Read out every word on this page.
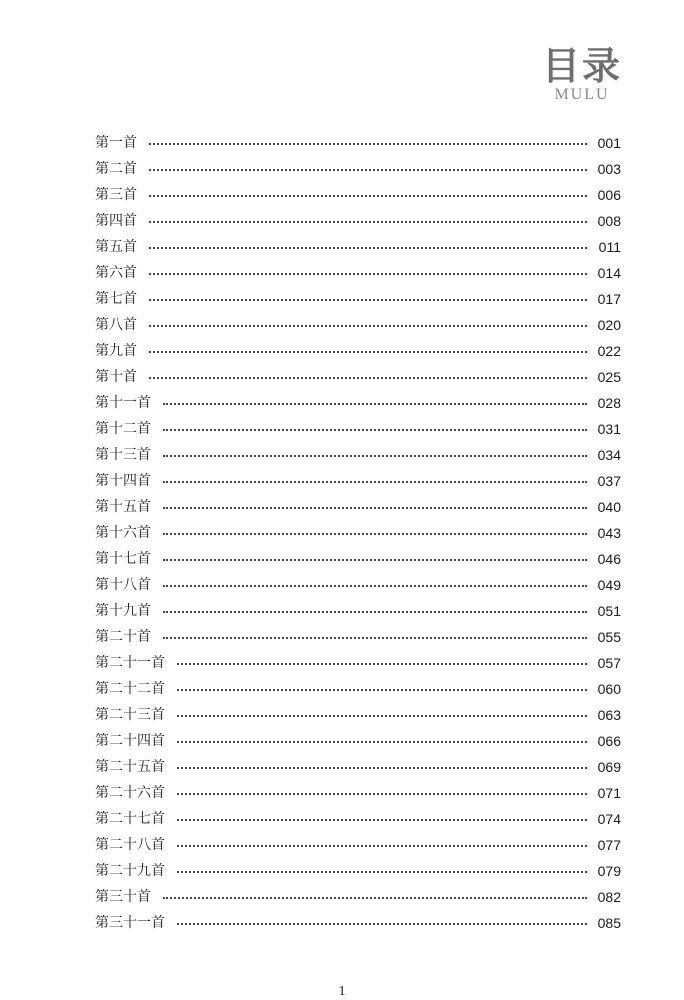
目录
MULU
第一首	001
第二首	003
第三首	006
第四首	008
第五首	011
第六首	014
第七首	017
第八首	020
第九首	022
第十首	025
第十一首	028
第十二首	031
第十三首	034
第十四首	037
第十五首	040
第十六首	043
第十七首	046
第十八首	049
第十九首	051
第二十首	055
第二十一首	057
第二十二首	060
第二十三首	063
第二十四首	066
第二十五首	069
第二十六首	071
第二十七首	074
第二十八首	077
第二十九首	079
第三十首	082
第三十一首	085
1
